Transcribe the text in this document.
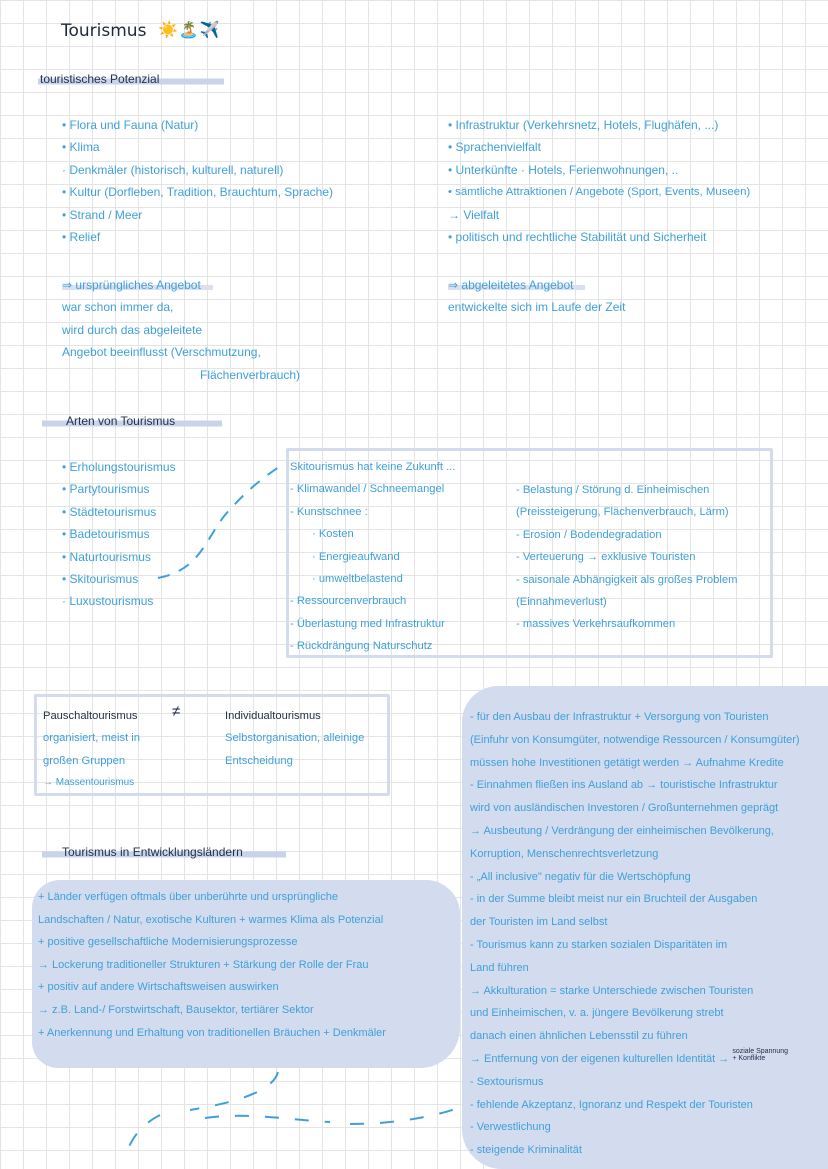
Tourismus ☀️🏝️✈️
touristisches Potenzial
• Flora und Fauna (Natur)
• Klima
· Denkmäler (historisch, kulturell, naturell)
• Kultur (Dorfleben, Tradition, Brauchtum, Sprache)
• Strand / Meer
• Relief
• Infrastruktur (Verkehrsnetz, Hotels, Flughäfen, ...)
• Sprachenvielfalt
• Unterkünfte · Hotels, Ferienwohnungen, ..
• sämtliche Attraktionen / Angebote (Sport, Events, Museen)
→ Vielfalt
• politisch und rechtliche Stabilität und Sicherheit
⇒ ursprüngliches Angebot
war schon immer da,
wird durch das abgeleitete
Angebot beeinflusst (Verschmutzung,
Flächenverbrauch)
⇒ abgeleitetes Angebot
entwickelte sich im Laufe der Zeit
Arten von Tourismus
• Erholungstourismus
• Partytourismus
• Städtetourismus
• Badetourismus
• Naturtourismus
• Skitourismus
· Luxustourismus
Skitourismus hat keine Zukunft ...
- Klimawandel / Schneemangel
- Kunstschnee :
· Kosten
· Energieaufwand
· umweltbelastend
- Ressourcenverbrauch
- Überlastung med Infrastruktur
- Rückdrängung Naturschutz
- Belastung / Störung d. Einheimischen
(Preissteigerung, Flächenverbrauch, Lärm)
- Erosion / Bodendegradation
- Verteuerung → exklusive Touristen
- saisonale Abhängigkeit als großes Problem
(Einnahmeverlust)
- massives Verkehrsaufkommen
Pauschaltourismus
organisiert, meist in
großen Gruppen
→ Massentourismus
≠	Individualtourismus
Selbstorganisation, alleinige
Entscheidung
Tourismus in Entwicklungsländern
+ Länder verfügen oftmals über unberührte und ursprüngliche
Landschaften / Natur, exotische Kulturen + warmes Klima als Potenzial
+ positive gesellschaftliche Modernisierungsprozesse
→ Lockerung traditioneller Strukturen + Stärkung der Rolle der Frau
+ positiv auf andere Wirtschaftsweisen auswirken
→ z.B. Land-/ Forstwirtschaft, Bausektor, tertiärer Sektor
+ Anerkennung und Erhaltung von traditionellen Bräuchen + Denkmäler
- für den Ausbau der Infrastruktur + Versorgung von Touristen
(Einfuhr von Konsumgüter, notwendige Ressourcen / Konsumgüter)
müssen hohe Investitionen getätigt werden → Aufnahme Kredite
- Einnahmen fließen ins Ausland ab → touristische Infrastruktur
wird von ausländischen Investoren / Großunternehmen geprägt
→ Ausbeutung / Verdrängung der einheimischen Bevölkerung,
Korruption, Menschenrechtsverletzung
- „All inclusive" negativ für die Wertschöpfung
- in der Summe bleibt meist nur ein Bruchteil der Ausgaben
der Touristen im Land selbst
- Tourismus kann zu starken sozialen Disparitäten im
Land führen
→ Akkulturation = starke Unterschiede zwischen Touristen
und Einheimischen, v. a. jüngere Bevölkerung strebt
danach einen ähnlichen Lebensstil zu führen
→ Entfernung von der eigenen kulturellen Identität → soziale Spannung + Konflikte
- Sextourismus
- fehlende Akzeptanz, Ignoranz und Respekt der Touristen
- Verwestlichung
- steigende Kriminalität
